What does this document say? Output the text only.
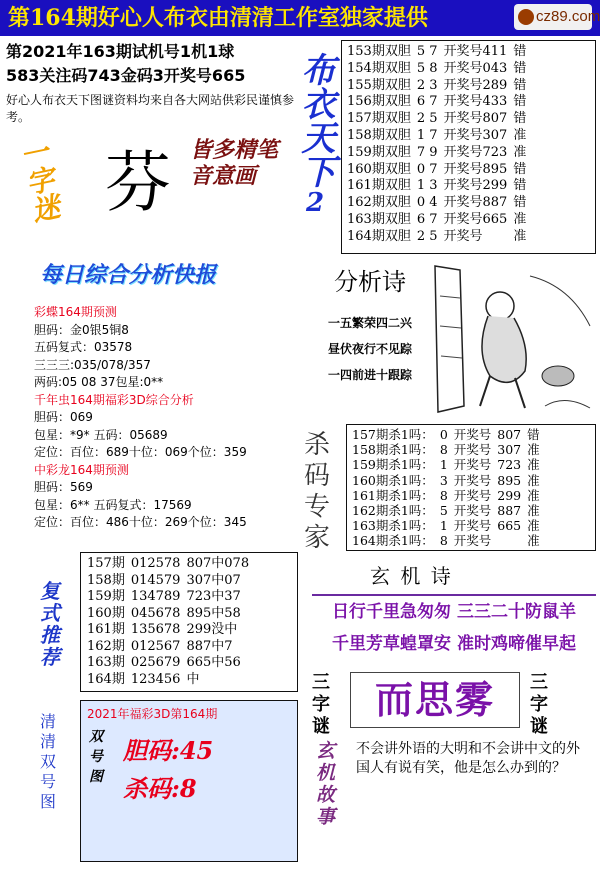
第164期好心人布衣由清清工作室独家提供	cz89.com
第2021年163期试机号1机1球
583关注码743金码3开奖号665
好心人布衣天下图谜资料均来自各大网站供彩民谨慎参考。
一字迷 芬 皆多精笔音意画	布衣天下
2
153期双胆	5 7	开奖号411	错
154期双胆	5 8	开奖号043	错
155期双胆	2 3	开奖号289	错
156期双胆	6 7	开奖号433	错
157期双胆	2 5	开奖号807	错
158期双胆	1 7	开奖号307	准
159期双胆	7 9	开奖号723	准
160期双胆	0 7	开奖号895	错
161期双胆	1 3	开奖号299	错
162期双胆	0 4	开奖号887	错
163期双胆	6 7	开奖号665	准
164期双胆	2 5	开奖号	准
每日综合分析快报
彩蝶164期预测
胆码：金0银5铜8
五码复式：03578
三三三:035/078/357
两码:05 08 37包星:0**
千年虫164期福彩3D综合分析
胆码：069
包星：*9* 五码：05689
定位：百位：689十位：069个位：359
中彩龙164期预测
胆码：569
包星：6** 五码复式：17569
定位：百位：486十位：269个位：345
分析诗
一五繁荣四二兴
昼伏夜行不见踪
一四前进十跟踪
杀码专家
157期杀1吗：	0	开奖号	807	错
158期杀1吗：	8	开奖号	307	准
159期杀1吗：	1	开奖号	723	准
160期杀1吗：	3	开奖号	895	准
161期杀1吗：	8	开奖号	299	准
162期杀1吗：	5	开奖号	887	准
163期杀1吗：	1	开奖号	665	准
164期杀1吗：	8	开奖号		准
复式推荐
157期	012578	807中078
158期	014579	307中07
159期	134789	723中37
160期	045678	895中58
161期	135678	299没中
162期	012567	887中7
163期	025679	665中56
164期	123456	中
玄 机 诗
日行千里急匆匆 三三二十防鼠羊
千里芳草蝗罩安 准时鸡啼催早起
三字谜
而思雾	三字谜
玄机故事
不会讲外语的大明和不会讲中文的外国人有说有笑，他是怎么办到的？
清清双号图
2021年福彩3D第164期
双号图
胆码:45
杀码:8
